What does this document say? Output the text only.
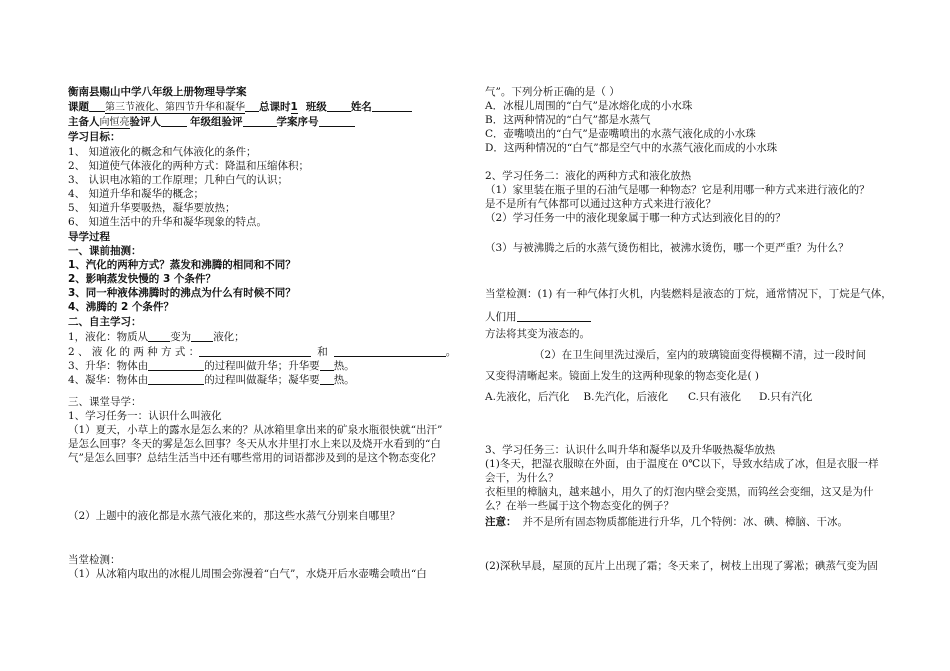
衡南县赐山中学八年级上册物理导学案
课题 第三节液化、第四节升华和凝华 总课时1 班级 姓名
主备人向恒亮验评人	年级组验评	学案序号
学习目标：
1、 知道液化的概念和气体液化的条件；
2、 知道使气体液化的两种方式：降温和压缩体积；
3、 认识电冰箱的工作原理；几种白气的认识；
4、 知道升华和凝华的概念；
5、 知道升华要吸热，凝华要放热；
6、 知道生活中的升华和凝华现象的特点。
导学过程
一、课前抽测：
1、汽化的两种方式？蒸发和沸腾的相同和不同？
2、影响蒸发快慢的 3 个条件？
3、同一种液体沸腾时的沸点为什么有时候不同？
4、沸腾的 2 个条件？
二、自主学习：
1，液化：物质从 变为 液化；
2 、 液 化 的 两 种 方 式 ：	和	。
3、升华：物体由	的过程叫做升华；升华要 热。
4、凝华：物体由	的过程叫做凝华；凝华要 热。
三、课堂导学：
1、学习任务一：认识什么叫液化
（1）夏天，小草上的露水是怎么来的？从冰箱里拿出来的矿泉水瓶很快就“出汗”
是怎么回事？冬天的雾是怎么回事？冬天从水井里打水上来以及烧开水看到的“白
气”是怎么回事？总结生活当中还有哪些常用的词语都涉及到的是这个物态变化？
（2）上题中的液化都是水蒸气液化来的，那这些水蒸气分别来自哪里？
当堂检测：
（1）从冰箱内取出的冰棍儿周围会弥漫着“白气”，水烧开后水壶嘴会喷出“白
气”。下列分析正确的是（ ）
A．冰棍儿周围的“白气”是冰熔化成的小水珠
B．这两种情况的“白气”都是水蒸气
C．壶嘴喷出的“白气”是壶嘴喷出的水蒸气液化成的小水珠
D．这两种情况的“白气”都是空气中的水蒸气液化而成的小水珠
2、学习任务二：液化的两种方式和液化放热
（1）家里装在瓶子里的石油气是哪一种物态？它是利用哪一种方式来进行液化的？
是不是所有气体都可以通过这种方式来进行液化？
（2）学习任务一中的液化现象属于哪一种方式达到液化目的的？
（3）与被沸腾之后的水蒸气烫伤相比，被沸水烫伤，哪一个更严重？为什么？
当堂检测：(1) 有一种气体打火机，内装燃料是液态的丁烷，通常情况下，丁烷是气体，
人们用
方法将其变为液态的。
（2）在卫生间里洗过澡后，室内的玻璃镜面变得模糊不清，过一段时间
又变得清晰起来。镜面上发生的这两种现象的物态变化是( )
A.先液化，后汽化 B.先汽化，后液化 C.只有液化 D.只有汽化
3、学习任务三：认识什么叫升华和凝华以及升华吸热凝华放热
(1)冬天，把湿衣服晾在外面，由于温度在 0℃以下，导致水结成了冰，但是衣服一样
会干，为什么？
衣柜里的樟脑丸，越来越小，用久了的灯泡内壁会变黑，而钨丝会变细，这又是为什
么？在举一些属于这个物态变化的例子？
注意： 并不是所有固态物质都能进行升华，几个特例：冰、碘、樟脑、干冰。
(2)深秋早晨，屋顶的瓦片上出现了霜；冬天来了，树枝上出现了雾凇；碘蒸气变为固
